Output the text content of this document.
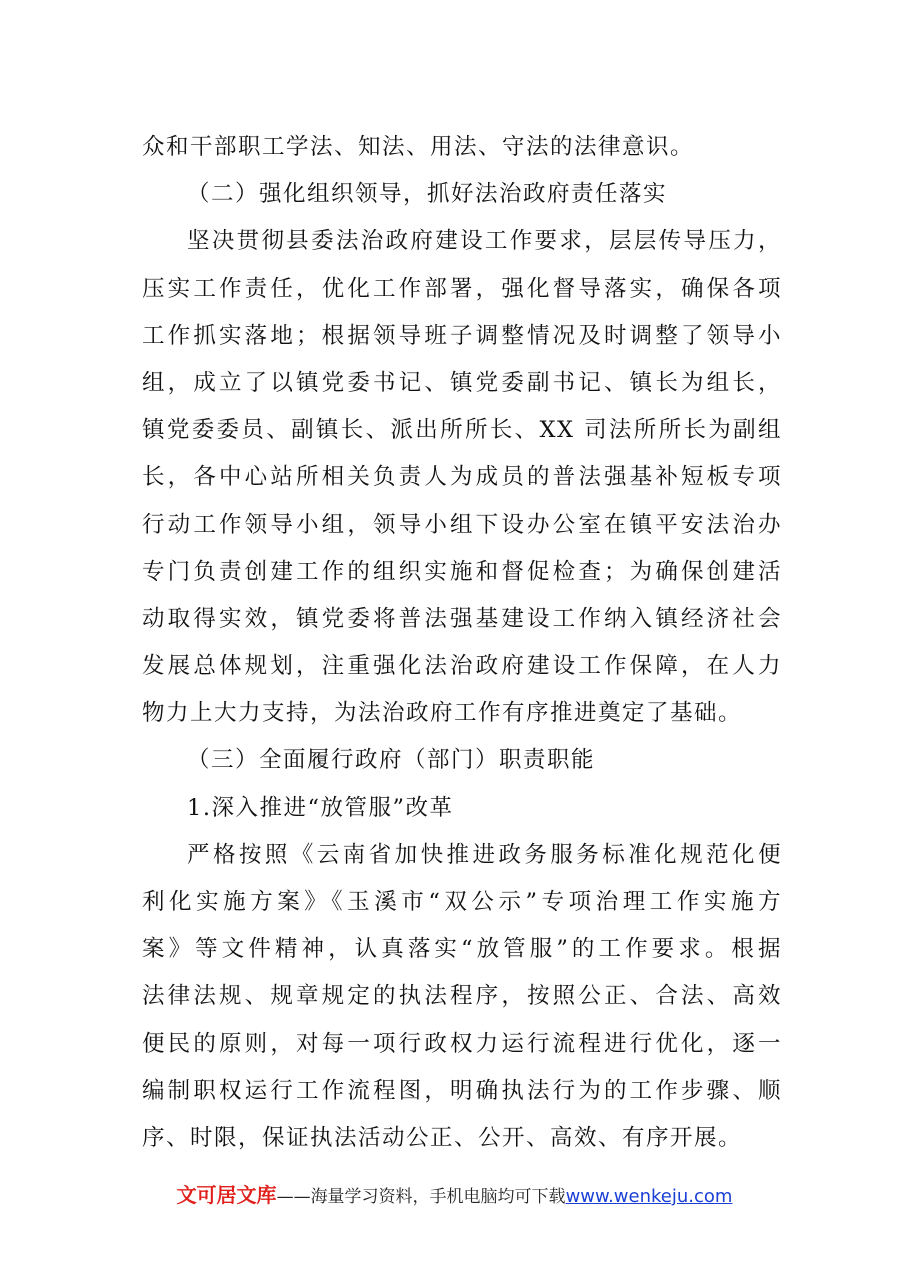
众和干部职工学法、知法、用法、守法的法律意识。
（二）强化组织领导，抓好法治政府责任落实
坚决贯彻县委法治政府建设工作要求，层层传导压力，
压实工作责任，优化工作部署，强化督导落实，确保各项
工作抓实落地；根据领导班子调整情况及时调整了领导小
组，成立了以镇党委书记、镇党委副书记、镇长为组长，
镇党委委员、副镇长、派出所所长、XX 司法所所长为副组
长，各中心站所相关负责人为成员的普法强基补短板专项
行动工作领导小组，领导小组下设办公室在镇平安法治办
专门负责创建工作的组织实施和督促检查；为确保创建活
动取得实效，镇党委将普法强基建设工作纳入镇经济社会
发展总体规划，注重强化法治政府建设工作保障，在人力
物力上大力支持，为法治政府工作有序推进奠定了基础。
（三）全面履行政府（部门）职责职能
1.深入推进“放管服”改革
严格按照《云南省加快推进政务服务标准化规范化便
利化实施方案》《玉溪市“双公示”专项治理工作实施方
案》等文件精神，认真落实“放管服”的工作要求。根据
法律法规、规章规定的执法程序，按照公正、合法、高效
便民的原则，对每一项行政权力运行流程进行优化，逐一
编制职权运行工作流程图，明确执法行为的工作步骤、顺
序、时限，保证执法活动公正、公开、高效、有序开展。
文可居文库——海量学习资料，手机电脑均可下载www.wenkeju.com
